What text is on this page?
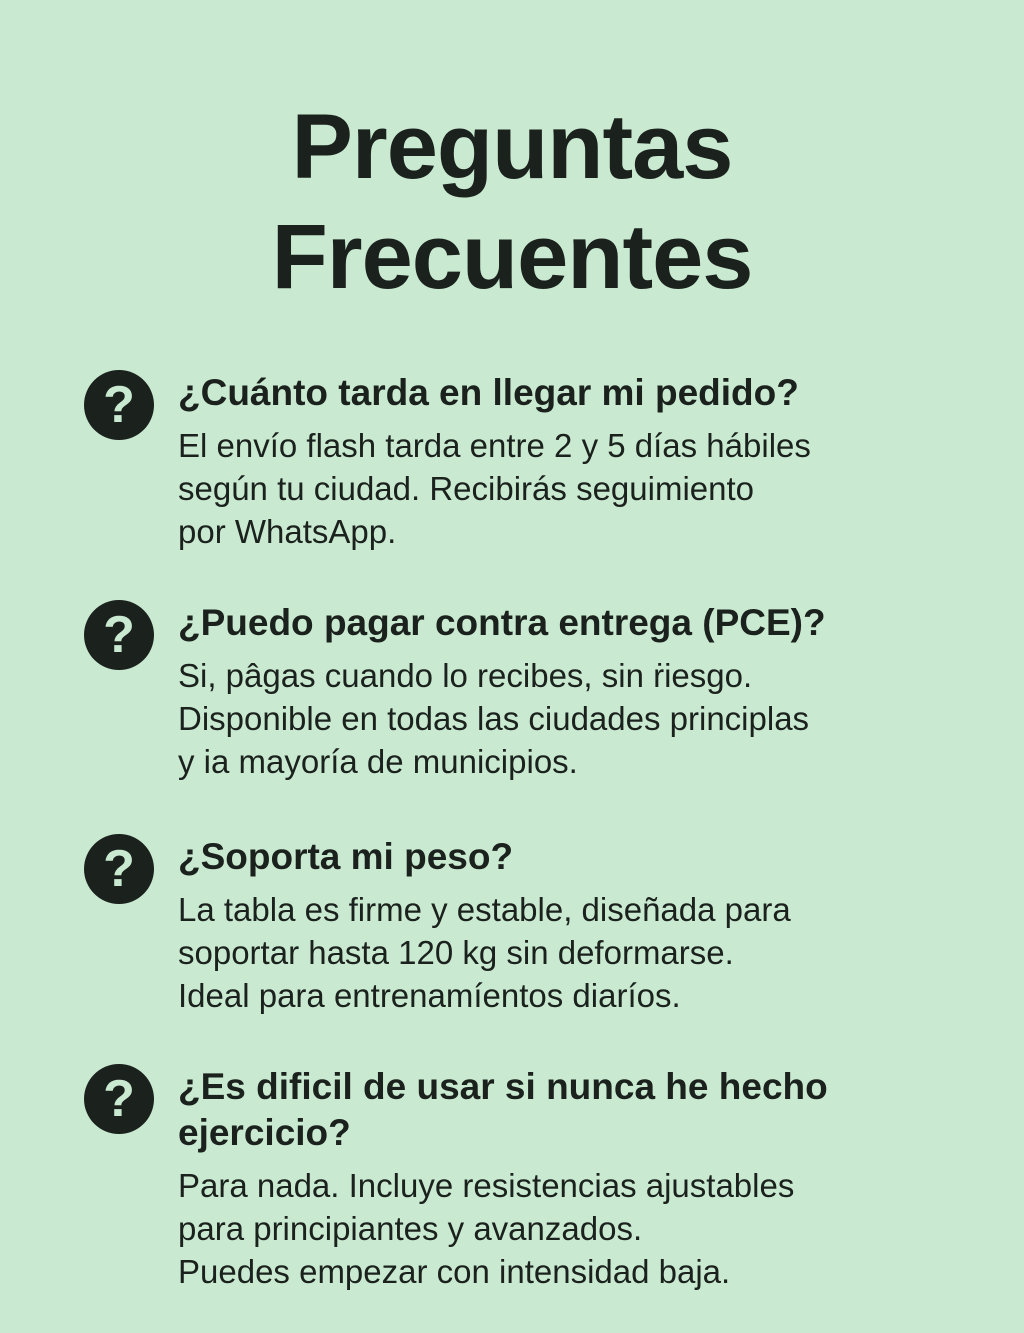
Preguntas
Frecuentes
?	¿Cuánto tarda en llegar mi pedido?

El envío flash tarda entre 2 y 5 días hábiles
según tu ciudad. Recibirás seguimiento
por WhatsApp.

?	¿Puedo pagar contra entrega (PCE)?

Si, pâgas cuando lo recibes, sin ṙiesgo.
Disponible en todas las ciudades principlas
y ia mayoría de municipios.

?	¿Soporta mi peso?

La tabla es firme y estable, diseñada para
soportar hasta 120 kg sin deformarse.
Ideal para entrenamíentos diaríos.

?	¿Es dificil de usar si nunca he hecho
ejercicio?

Para nada. Incluye resistencias ajustables
para principiantes y avanzados.
Puedes empezar con intensidad baja.
